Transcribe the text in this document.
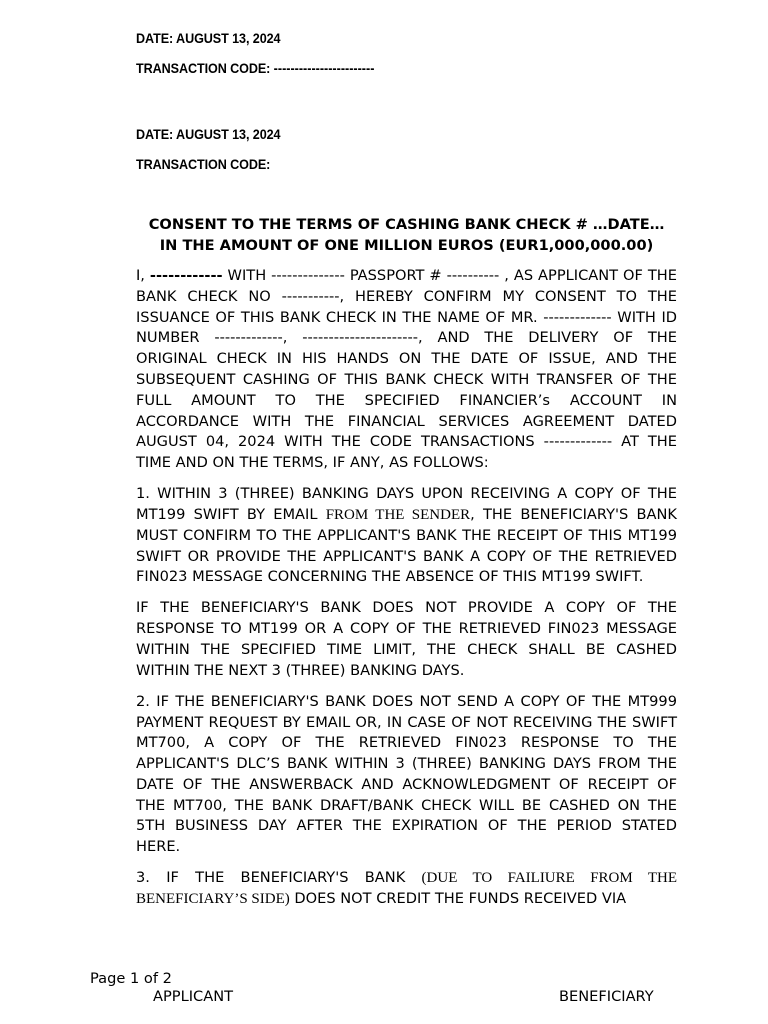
DATE: AUGUST 13, 2024
TRANSACTION CODE: ------------------------
DATE: AUGUST 13, 2024
TRANSACTION CODE:
CONSENT TO THE TERMS OF CASHING BANK CHECK # …DATE…
IN THE AMOUNT OF ONE MILLION EUROS (EUR1,000,000.00)

I, ------------ WITH -------------- PASSPORT # ---------- , AS APPLICANT OF THE BANK CHECK NO -----------, HEREBY CONFIRM MY CONSENT TO THE ISSUANCE OF THIS BANK CHECK IN THE NAME OF MR. ------------- WITH ID NUMBER -------------, ----------------------, AND THE DELIVERY OF THE ORIGINAL CHECK IN HIS HANDS ON THE DATE OF ISSUE, AND THE SUBSEQUENT CASHING OF THIS BANK CHECK WITH TRANSFER OF THE FULL AMOUNT TO THE SPECIFIED FINANCIER’s ACCOUNT IN ACCORDANCE WITH THE FINANCIAL SERVICES AGREEMENT DATED AUGUST 04, 2024 WITH THE CODE TRANSACTIONS ------------- AT THE TIME AND ON THE TERMS, IF ANY, AS FOLLOWS:

1. WITHIN 3 (THREE) BANKING DAYS UPON RECEIVING A COPY OF THE MT199 SWIFT BY EMAIL FROM THE SENDER, THE BENEFICIARY'S BANK MUST CONFIRM TO THE APPLICANT'S BANK THE RECEIPT OF THIS MT199 SWIFT OR PROVIDE THE APPLICANT'S BANK A COPY OF THE RETRIEVED FIN023 MESSAGE CONCERNING THE ABSENCE OF THIS MT199 SWIFT.

IF THE BENEFICIARY'S BANK DOES NOT PROVIDE A COPY OF THE RESPONSE TO MT199 OR A COPY OF THE RETRIEVED FIN023 MESSAGE WITHIN THE SPECIFIED TIME LIMIT, THE CHECK SHALL BE CASHED WITHIN THE NEXT 3 (THREE) BANKING DAYS.

2. IF THE BENEFICIARY'S BANK DOES NOT SEND A COPY OF THE MT999 PAYMENT REQUEST BY EMAIL OR, IN CASE OF NOT RECEIVING THE SWIFT MT700, A COPY OF THE RETRIEVED FIN023 RESPONSE TO THE APPLICANT'S DLC’S BANK WITHIN 3 (THREE) BANKING DAYS FROM THE DATE OF THE ANSWERBACK AND ACKNOWLEDGMENT OF RECEIPT OF THE MT700, THE BANK DRAFT/BANK CHECK WILL BE CASHED ON THE 5TH BUSINESS DAY AFTER THE EXPIRATION OF THE PERIOD STATED HERE.

3. IF THE BENEFICIARY'S BANK (DUE TO FAILIURE FROM THE BENEFICIARY’S SIDE) DOES NOT CREDIT THE FUNDS RECEIVED VIA

Page 1 of 2
APPLICANT	BENEFICIARY
